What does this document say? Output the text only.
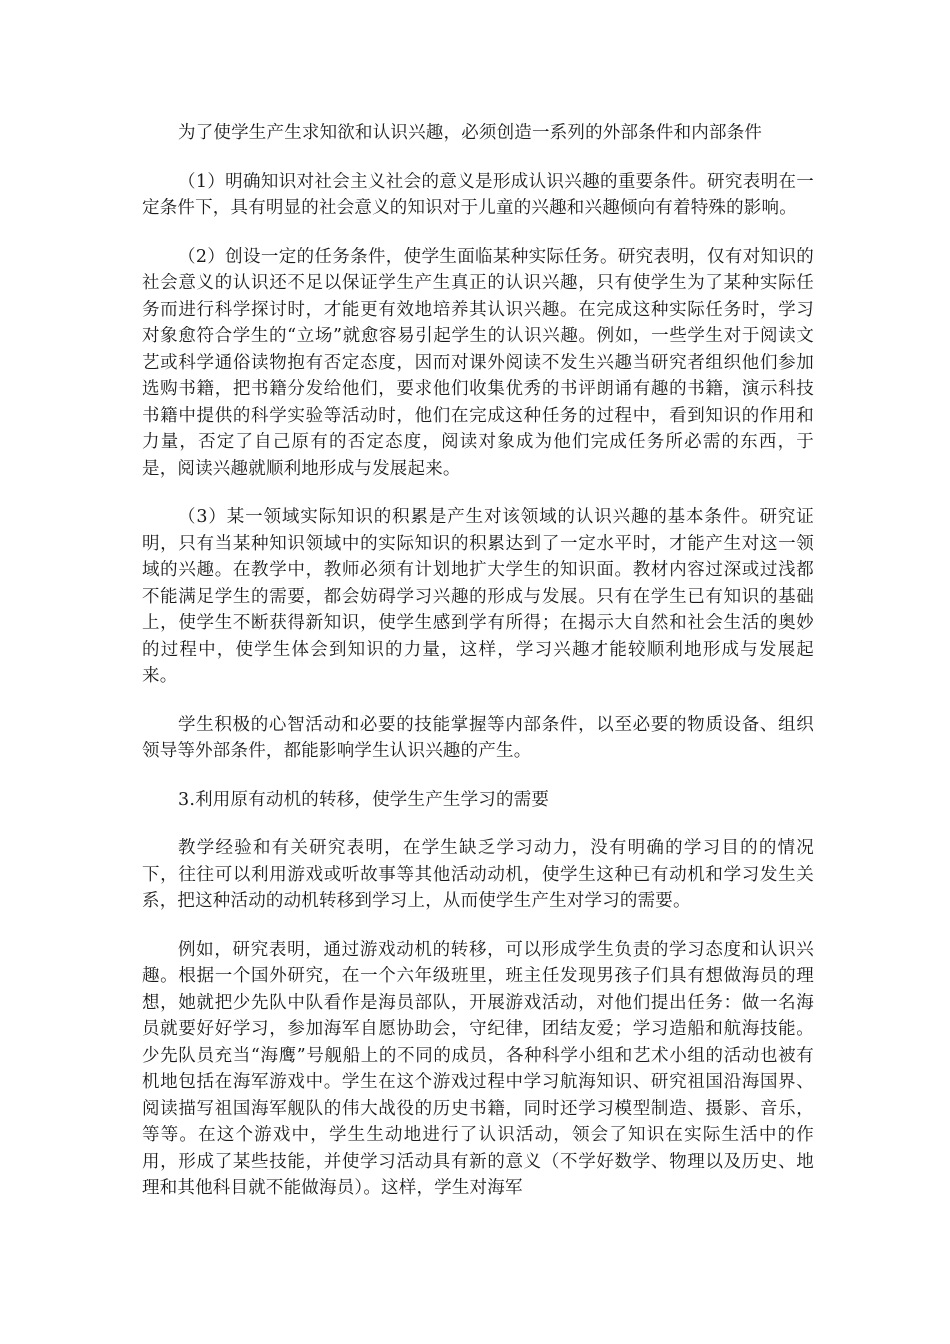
为了使学生产生求知欲和认识兴趣，必须创造一系列的外部条件和内部条件

（1）明确知识对社会主义社会的意义是形成认识兴趣的重要条件。研究表明在一定条件下，具有明显的社会意义的知识对于儿童的兴趣和兴趣倾向有着特殊的影响。

（2）创设一定的任务条件，使学生面临某种实际任务。研究表明，仅有对知识的社会意义的认识还不足以保证学生产生真正的认识兴趣，只有使学生为了某种实际任务而进行科学探讨时，才能更有效地培养其认识兴趣。在完成这种实际任务时，学习对象愈符合学生的“立场”就愈容易引起学生的认识兴趣。例如，一些学生对于阅读文艺或科学通俗读物抱有否定态度，因而对课外阅读不发生兴趣当研究者组织他们参加选购书籍，把书籍分发给他们，要求他们收集优秀的书评朗诵有趣的书籍，演示科技书籍中提供的科学实验等活动时，他们在完成这种任务的过程中，看到知识的作用和力量，否定了自己原有的否定态度，阅读对象成为他们完成任务所必需的东西，于是，阅读兴趣就顺利地形成与发展起来。

（3）某一领域实际知识的积累是产生对该领域的认识兴趣的基本条件。研究证明，只有当某种知识领域中的实际知识的积累达到了一定水平时，才能产生对这一领域的兴趣。在教学中，教师必须有计划地扩大学生的知识面。教材内容过深或过浅都不能满足学生的需要，都会妨碍学习兴趣的形成与发展。只有在学生已有知识的基础上，使学生不断获得新知识，使学生感到学有所得；在揭示大自然和社会生活的奥妙的过程中，使学生体会到知识的力量，这样，学习兴趣才能较顺利地形成与发展起来。

学生积极的心智活动和必要的技能掌握等内部条件，以至必要的物质设备、组织领导等外部条件，都能影响学生认识兴趣的产生。

3.利用原有动机的转移，使学生产生学习的需要

教学经验和有关研究表明，在学生缺乏学习动力，没有明确的学习目的的情况下，往往可以利用游戏或听故事等其他活动动机，使学生这种已有动机和学习发生关系，把这种活动的动机转移到学习上，从而使学生产生对学习的需要。

例如，研究表明，通过游戏动机的转移，可以形成学生负责的学习态度和认识兴趣。根据一个国外研究，在一个六年级班里，班主任发现男孩子们具有想做海员的理想，她就把少先队中队看作是海员部队，开展游戏活动，对他们提出任务：做一名海员就要好好学习，参加海军自愿协助会，守纪律，团结友爱；学习造船和航海技能。少先队员充当“海鹰”号舰船上的不同的成员，各种科学小组和艺术小组的活动也被有机地包括在海军游戏中。学生在这个游戏过程中学习航海知识、研究祖国沿海国界、阅读描写祖国海军舰队的伟大战役的历史书籍，同时还学习模型制造、摄影、音乐，等等。在这个游戏中，学生生动地进行了认识活动，领会了知识在实际生活中的作用，形成了某些技能，并使学习活动具有新的意义（不学好数学、物理以及历史、地理和其他科目就不能做海员）。这样，学生对海军
